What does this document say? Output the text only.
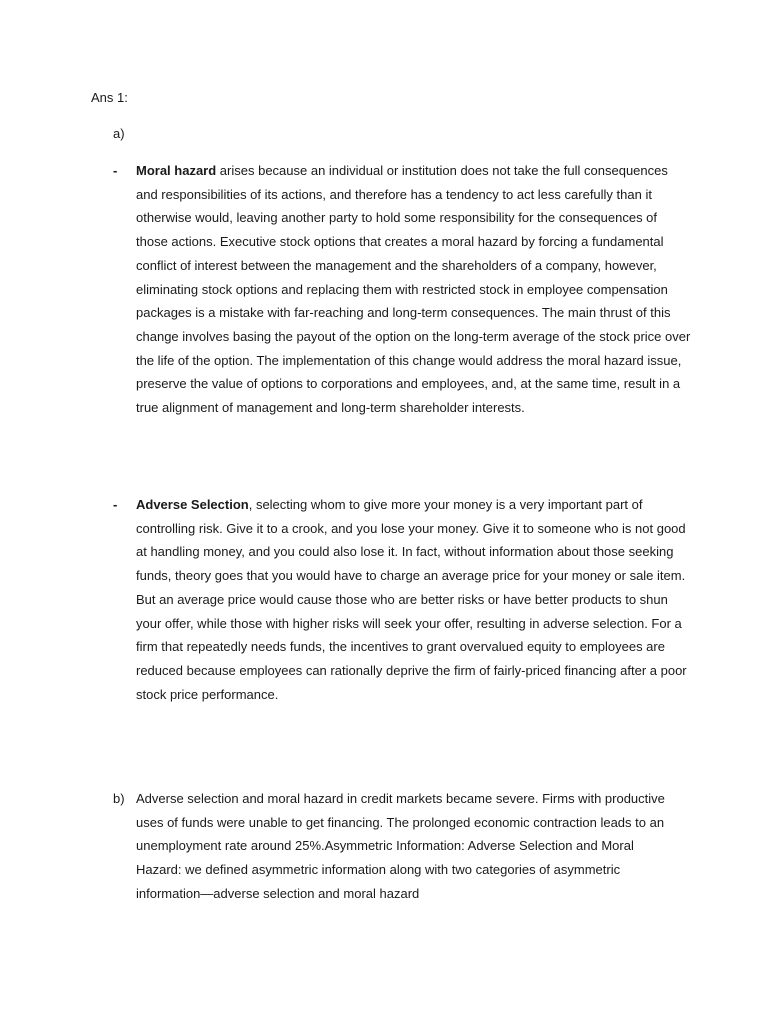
Ans 1:
a)
- Moral hazard arises because an individual or institution does not take the full consequences and responsibilities of its actions, and therefore has a tendency to act less carefully than it otherwise would, leaving another party to hold some responsibility for the consequences of those actions. Executive stock options that creates a moral hazard by forcing a fundamental conflict of interest between the management and the shareholders of a company, however, eliminating stock options and replacing them with restricted stock in employee compensation packages is a mistake with far-reaching and long-term consequences. The main thrust of this change involves basing the payout of the option on the long-term average of the stock price over the life of the option. The implementation of this change would address the moral hazard issue, preserve the value of options to corporations and employees, and, at the same time, result in a true alignment of management and long-term shareholder interests.

- Adverse Selection, selecting whom to give more your money is a very important part of controlling risk. Give it to a crook, and you lose your money. Give it to someone who is not good at handling money, and you could also lose it. In fact, without information about those seeking funds, theory goes that you would have to charge an average price for your money or sale item. But an average price would cause those who are better risks or have better products to shun your offer, while those with higher risks will seek your offer, resulting in adverse selection. For a firm that repeatedly needs funds, the incentives to grant overvalued equity to employees are reduced because employees can rationally deprive the firm of fairly-priced financing after a poor stock price performance.

b) Adverse selection and moral hazard in credit markets became severe. Firms with productive uses of funds were unable to get financing. The prolonged economic contraction leads to an unemployment rate around 25%.Asymmetric Information: Adverse Selection and Moral Hazard: we defined asymmetric information along with two categories of asymmetric information—adverse selection and moral hazard
